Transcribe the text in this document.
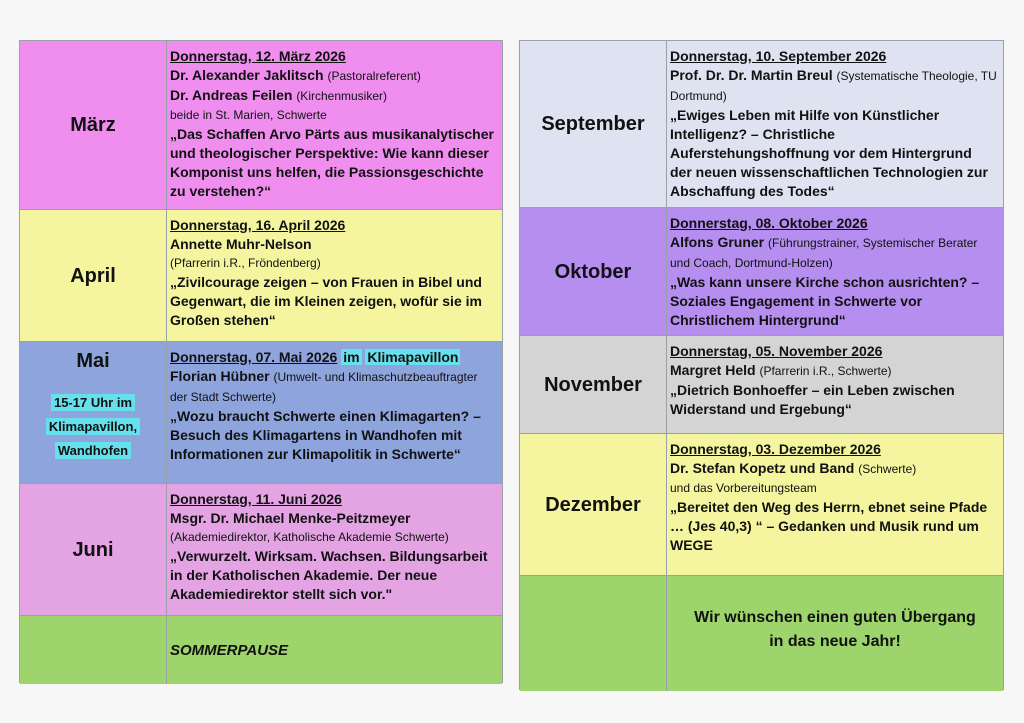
März
Donnerstag, 12. März 2026
Dr. Alexander Jaklitsch (Pastoralreferent)
Dr. Andreas Feilen (Kirchenmusiker)
beide in St. Marien, Schwerte
„Das Schaffen Arvo Pärts aus musikanalytischer und theologischer Perspektive: Wie kann dieser Komponist uns helfen, die Passionsgeschichte zu verstehen?“
April
Donnerstag, 16. April 2026
Annette Muhr-Nelson
(Pfarrerin i.R., Fröndenberg)
„Zivilcourage zeigen – von Frauen in Bibel und Gegenwart, die im Kleinen zeigen, wofür sie im Großen stehen“
Mai
15-17 Uhr im
Klimapavillon,
Wandhofen
Donnerstag, 07. Mai 2026 im Klimapavillon
Florian Hübner (Umwelt- und Klimaschutzbeauftragter der Stadt Schwerte)
„Wozu braucht Schwerte einen Klimagarten? – Besuch des Klimagartens in Wandhofen mit Informationen zur Klimapolitik in Schwerte“
Juni
Donnerstag, 11. Juni 2026
Msgr. Dr. Michael Menke-Peitzmeyer
(Akademiedirektor, Katholische Akademie Schwerte)
„Verwurzelt. Wirksam. Wachsen. Bildungsarbeit in der Katholischen Akademie. Der neue Akademiedirektor stellt sich vor."
SOMMERPAUSE
September
Donnerstag, 10. September 2026
Prof. Dr. Dr. Martin Breul (Systematische Theologie, TU Dortmund)
„Ewiges Leben mit Hilfe von Künstlicher Intelligenz? – Christliche Auferstehungshoffnung vor dem Hintergrund der neuen wissenschaftlichen Technologien zur Abschaffung des Todes“
Oktober
Donnerstag, 08. Oktober 2026
Alfons Gruner (Führungstrainer, Systemischer Berater und Coach, Dortmund-Holzen)
„Was kann unsere Kirche schon ausrichten? – Soziales Engagement in Schwerte vor Christlichem Hintergrund“
November
Donnerstag, 05. November 2026
Margret Held (Pfarrerin i.R., Schwerte)
„Dietrich Bonhoeffer – ein Leben zwischen Widerstand und Ergebung“
Dezember
Donnerstag, 03. Dezember 2026
Dr. Stefan Kopetz und Band (Schwerte)
und das Vorbereitungsteam
„Bereitet den Weg des Herrn, ebnet seine Pfade … (Jes 40,3) “ – Gedanken und Musik rund um WEGE
Wir wünschen einen guten Übergang
in das neue Jahr!
